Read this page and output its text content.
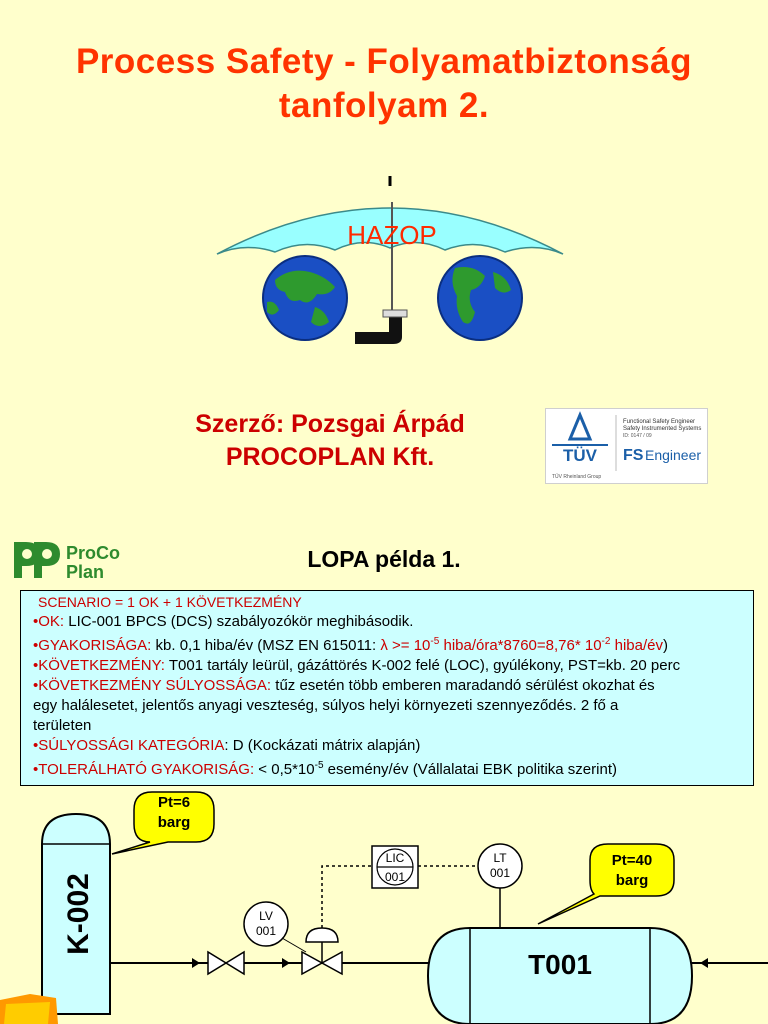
Process Safety - Folyamatbiztonság
tanfolyam 2.
HAZOP
Szerző: Pozsgai Árpád
PROCOPLAN Kft.	TÜV
Functional Safety Engineer
Safety Instrumented Systems
ID: 0147 / 09
FS Engineer
TÜV Rheinland Group
ProCo
Plan	LOPA példa 1.

SCENARIO = 1 OK + 1 KÖVETKEZMÉNY

•OK: LIC-001 BPCS (DCS) szabályozókör meghibásodik.

•GYAKORISÁGA: kb. 0,1 hiba/év (MSZ EN 615011: $\lambda >= 10^{-5}$ hiba/óra*8760=8,76* $10^{-2}$ hiba/év)

•KÖVETKEZMÉNY: T001 tartály leürül, gázáttörés K-002 felé (LOC), gyúlékony, PST=kb. 20 perc

•KÖVETKEZMÉNY SÚLYOSSÁGA: tűz esetén több emberen maradandó sérülést okozhat és
egy halálesetet, jelentős anyagi veszteség, súlyos helyi környezeti szennyeződés. 2 fő a
területen

•SÚLYOSSÁGI KATEGÓRIA: D (Kockázati mátrix alapján)

•TOLERÁLHATÓ GYAKORISÁG: < $0,5*10^{-5}$ esemény/év (Vállalatai EBK politika szerint)

K-002
Pt=6
barg
LV
001
LIC
001
LT
001
T001
Pt=40
barg
